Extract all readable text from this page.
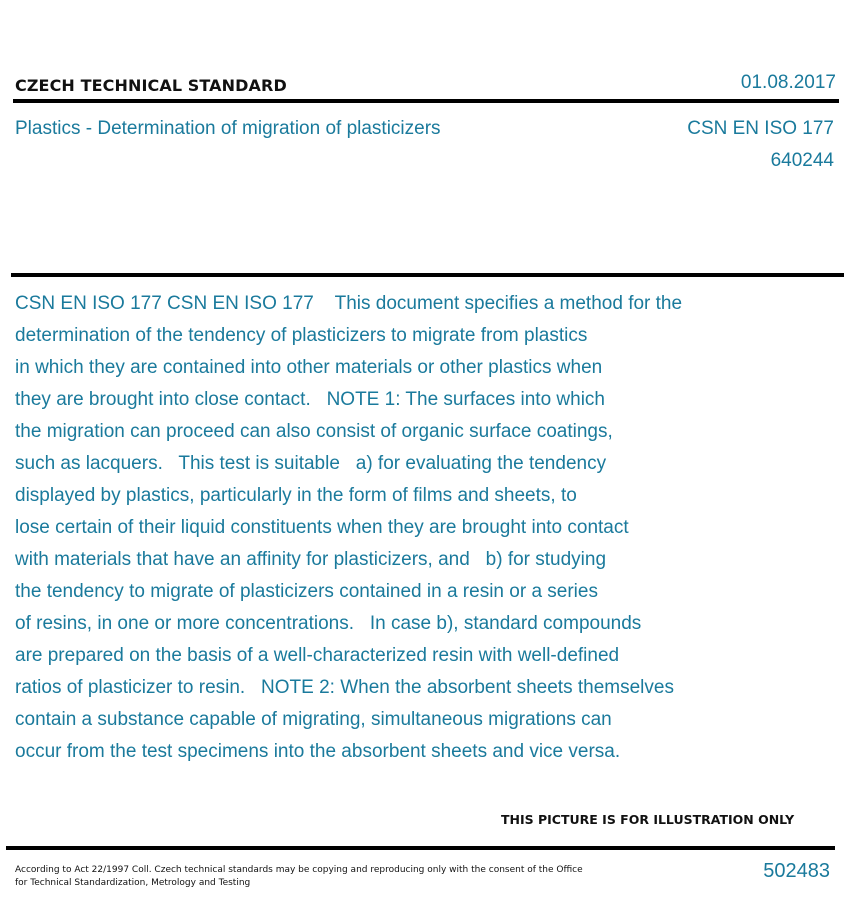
CZECH TECHNICAL STANDARD	01.08.2017
Plastics - Determination of migration of plasticizers	CSN EN ISO 177
640244
CSN EN ISO 177 CSN EN ISO 177    This document specifies a method for the
determination of the tendency of plasticizers to migrate from plastics
in which they are contained into other materials or other plastics when
they are brought into close contact.   NOTE 1: The surfaces into which
the migration can proceed can also consist of organic surface coatings,
such as lacquers.   This test is suitable   a) for evaluating the tendency
displayed by plastics, particularly in the form of films and sheets, to
lose certain of their liquid constituents when they are brought into contact
with materials that have an affinity for plasticizers, and   b) for studying
the tendency to migrate of plasticizers contained in a resin or a series
of resins, in one or more concentrations.   In case b), standard compounds
are prepared on the basis of a well-characterized resin with well-defined
ratios of plasticizer to resin.   NOTE 2: When the absorbent sheets themselves
contain a substance capable of migrating, simultaneous migrations can
occur from the test specimens into the absorbent sheets and vice versa.
THIS PICTURE IS FOR ILLUSTRATION ONLY
According to Act 22/1997 Coll. Czech technical standards may be copying and reproducing only with the consent of the Office
for Technical Standardization, Metrology and Testing
502483
